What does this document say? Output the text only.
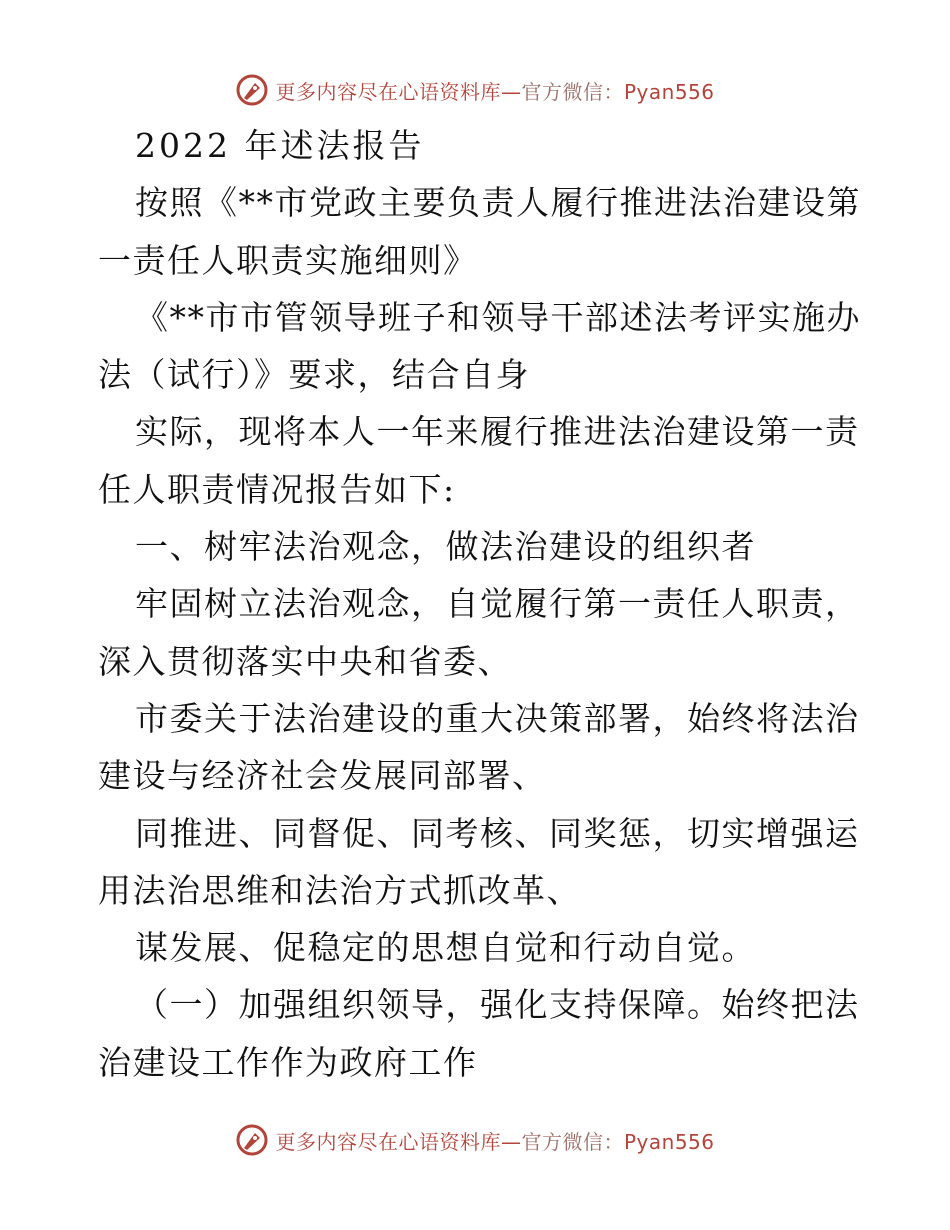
更多内容尽在心语资料库—官方微信：Pyan556
2022 年述法报告
按照《**市党政主要负责人履行推进法治建设第
一责任人职责实施细则》
《**市市管领导班子和领导干部述法考评实施办
法（试行）》要求，结合自身
实际，现将本人一年来履行推进法治建设第一责
任人职责情况报告如下:
一、树牢法治观念，做法治建设的组织者
牢固树立法治观念，自觉履行第一责任人职责，
深入贯彻落实中央和省委、
市委关于法治建设的重大决策部署，始终将法治
建设与经济社会发展同部署、
同推进、同督促、同考核、同奖惩，切实增强运
用法治思维和法治方式抓改革、
谋发展、促稳定的思想自觉和行动自觉。
（一）加强组织领导，强化支持保障。始终把法
治建设工作作为政府工作
更多内容尽在心语资料库—官方微信：Pyan556
